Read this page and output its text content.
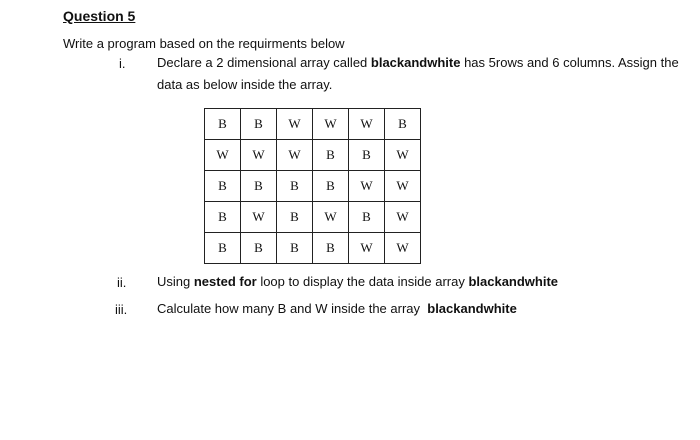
Question 5
Write a program based on the requirments below
i. Declare a 2 dimensional array called blackandwhite has 5rows and 6 columns. Assign the data as below inside the array.
B	B	W	W	W	B
W	W	W	B	B	W
B	B	B	B	W	W
B	W	B	W	B	W
B	B	B	B	W	W
ii. Using nested for loop to display the data inside array blackandwhite
iii. Calculate how many B and W inside the array  blackandwhite
